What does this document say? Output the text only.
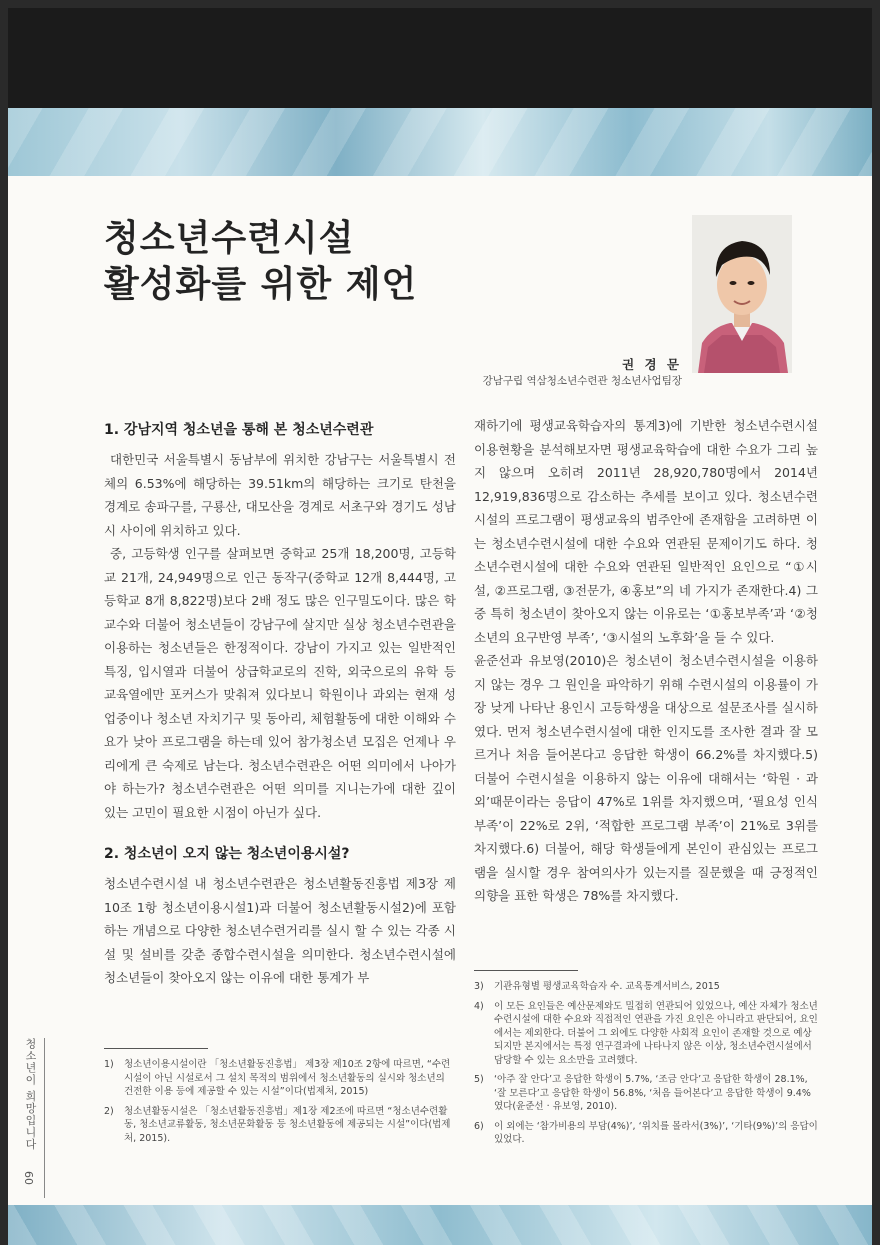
청소년수련시설
활성화를 위한 제언
권 경 문
강남구립 역삼청소년수련관 청소년사업팀장
1. 강남지역 청소년을 통해 본 청소년수련관

대한민국 서울특별시 동남부에 위치한 강남구는 서울특별시 전체의 6.53%에 해당하는 39.51km의 해당하는 크기로 탄천을 경계로 송파구를, 구룡산, 대모산을 경계로 서초구와 경기도 성남시 사이에 위치하고 있다.

중, 고등학생 인구를 살펴보면 중학교 25개 18,200명, 고등학교 21개, 24,949명으로 인근 동작구(중학교 12개 8,444명, 고등학교 8개 8,822명)보다 2배 정도 많은 인구밀도이다. 많은 학교수와 더불어 청소년들이 강남구에 살지만 실상 청소년수련관을 이용하는 청소년들은 한정적이다. 강남이 가지고 있는 일반적인 특징, 입시열과 더불어 상급학교로의 진학, 외국으로의 유학 등 교육열에만 포커스가 맞춰져 있다보니 학원이나 과외는 현재 성업중이나 청소년 자치기구 및 동아리, 체험활동에 대한 이해와 수요가 낮아 프로그램을 하는데 있어 참가청소년 모집은 언제나 우리에게 큰 숙제로 남는다. 청소년수련관은 어떤 의미에서 나아가야 하는가? 청소년수련관은 어떤 의미를 지니는가에 대한 깊이 있는 고민이 필요한 시점이 아닌가 싶다.

2. 청소년이 오지 않는 청소년이용시설?

청소년수련시설 내 청소년수련관은 청소년활동진흥법 제3장 제10조 1항 청소년이용시설1)과 더불어 청소년활동시설2)에 포함하는 개념으로 다양한 청소년수련거리를 실시 할 수 있는 각종 시설 및 설비를 갖춘 종합수련시설을 의미한다. 청소년수련시설에 청소년들이 찾아오지 않는 이유에 대한 통계가 부

재하기에 평생교육학습자의 통계3)에 기반한 청소년수련시설 이용현황을 분석해보자면 평생교육학습에 대한 수요가 그리 높지 않으며 오히려 2011년 28,920,780명에서 2014년 12,919,836명으로 감소하는 추세를 보이고 있다. 청소년수련시설의 프로그램이 평생교육의 범주안에 존재함을 고려하면 이는 청소년수련시설에 대한 수요와 연관된 문제이기도 하다. 청소년수련시설에 대한 수요와 연관된 일반적인 요인으로 “①시설, ②프로그램, ③전문가, ④홍보”의 네 가지가 존재한다.4) 그 중 특히 청소년이 찾아오지 않는 이유로는 ‘①홍보부족’과 ‘②청소년의 요구반영 부족’, ‘③시설의 노후화’을 들 수 있다.

윤준선과 유보영(2010)은 청소년이 청소년수련시설을 이용하지 않는 경우 그 원인을 파악하기 위해 수련시설의 이용률이 가장 낮게 나타난 용인시 고등학생을 대상으로 설문조사를 실시하였다. 먼저 청소년수련시설에 대한 인지도를 조사한 결과 잘 모르거나 처음 들어본다고 응답한 학생이 66.2%를 차지했다.5) 더불어 수련시설을 이용하지 않는 이유에 대해서는 ‘학원 · 과외’때문이라는 응답이 47%로 1위를 차지했으며, ‘필요성 인식부족’이 22%로 2위, ‘적합한 프로그램 부족’이 21%로 3위를 차지했다.6) 더불어, 해당 학생들에게 본인이 관심있는 프로그램을 실시할 경우 참여의사가 있는지를 질문했을 때 긍정적인 의향을 표한 학생은 78%를 차지했다.

1)	청소년이용시설이란 「청소년활동진흥법」 제3장 제10조 2항에 따르면, “수련시설이 아닌 시설로서 그 설치 목적의 범위에서 청소년활동의 실시와 청소년의 건전한 이용 등에 제공할 수 있는 시설”이다(법제처, 2015)
2)	청소년활동시설은 「청소년활동진흥법」제1장 제2조에 따르면 “청소년수련활동, 청소년교류활동, 청소년문화활동 등 청소년활동에 제공되는 시설”이다(법제처, 2015).
3)	기관유형별 평생교육학습자 수. 교육통계서비스, 2015
4)	이 모든 요인들은 예산문제와도 밀접히 연관되어 있었으나, 예산 자체가 청소년수련시설에 대한 수요와 직접적인 연관을 가진 요인은 아니라고 판단되어, 요인에서는 제외한다. 더불어 그 외에도 다양한 사회적 요인이 존재할 것으로 예상되지만 본지에서는 특정 연구결과에 나타나지 않은 이상, 청소년수련시설에서 담당할 수 있는 요소만을 고려했다.
5)	‘아주 잘 안다’고 응답한 학생이 5.7%, ‘조금 안다’고 응답한 학생이 28.1%, ‘잘 모른다’고 응답한 학생이 56.8%, ‘처음 들어본다’고 응답한 학생이 9.4%였다(윤준선 · 유보영, 2010).
6)	이 외에는 ‘참가비용의 부담(4%)’, ‘위치를 몰라서(3%)’, ‘기타(9%)’의 응답이 있었다.
청소년이 희망입니다
60
